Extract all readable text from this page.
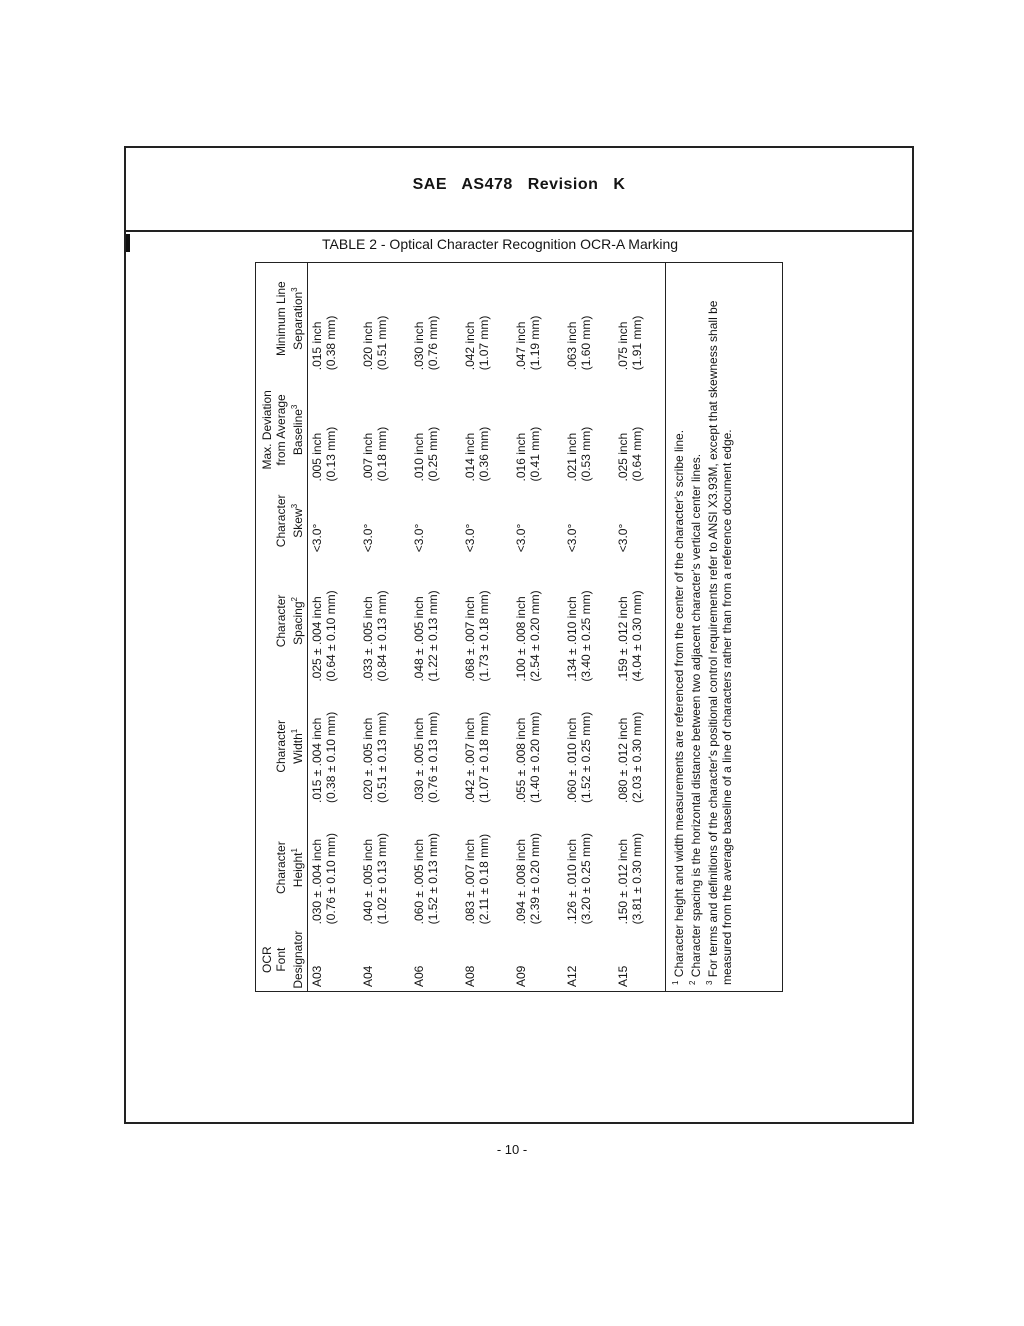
SAE AS478 Revision K
TABLE 2 - Optical Character Recognition OCR-A Marking
OCR Font Designator	Character Height$^1$	Character Width$^1$	Character Spacing$^2$	Character Skew$^3$	Max. Deviation from Average Baseline$^3$	Minimum Line Separation$^3$
A03	.030 ± .004 inch (0.76 ± 0.10 mm)	.015 ± .004 inch (0.38 ± 0.10 mm)	.025 ± .004 inch (0.64 ± 0.10 mm)	<3.0°	.005 inch (0.13 mm)	.015 inch (0.38 mm)

A04	.040 ± .005 inch (1.02 ± 0.13 mm)	.020 ± .005 inch (0.51 ± 0.13 mm)	.033 ± .005 inch (0.84 ± 0.13 mm)	<3.0°	.007 inch (0.18 mm)	.020 inch (0.51 mm)

A06	.060 ± .005 inch (1.52 ± 0.13 mm)	.030 ± .005 inch (0.76 ± 0.13 mm)	.048 ± .005 inch (1.22 ± 0.13 mm)	<3.0°	.010 inch (0.25 mm)	.030 inch (0.76 mm)

A08	.083 ± .007 inch (2.11 ± 0.18 mm)	.042 ± .007 inch (1.07 ± 0.18 mm)	.068 ± .007 inch (1.73 ± 0.18 mm)	<3.0°	.014 inch (0.36 mm)	.042 inch (1.07 mm)

A09	.094 ± .008 inch (2.39 ± 0.20 mm)	.055 ± .008 inch (1.40 ± 0.20 mm)	.100 ± .008 inch (2.54 ± 0.20 mm)	<3.0°	.016 inch (0.41 mm)	.047 inch (1.19 mm)

A12	.126 ± .010 inch (3.20 ± 0.25 mm)	.060 ± .010 inch (1.52 ± 0.25 mm)	.134 ± .010 inch (3.40 ± 0.25 mm)	<3.0°	.021 inch (0.53 mm)	.063 inch (1.60 mm)

A15	.150 ± .012 inch (3.81 ± 0.30 mm)	.080 ± .012 inch (2.03 ± 0.30 mm)	.159 ± .012 inch (4.04 ± 0.30 mm)	<3.0°	.025 inch (0.64 mm)	.075 inch (1.91 mm)
$^1$ Character height and width measurements are referenced from the center of the character's scribe line.
$^2$ Character spacing is the horizontal distance between two adjacent character's vertical center lines.
$^3$ For terms and definitions of the character's positional control requirements refer to ANSI X3.93M, except that skewness shall be measured from the average baseline of a line of characters rather than from a reference document edge.
- 10 -
